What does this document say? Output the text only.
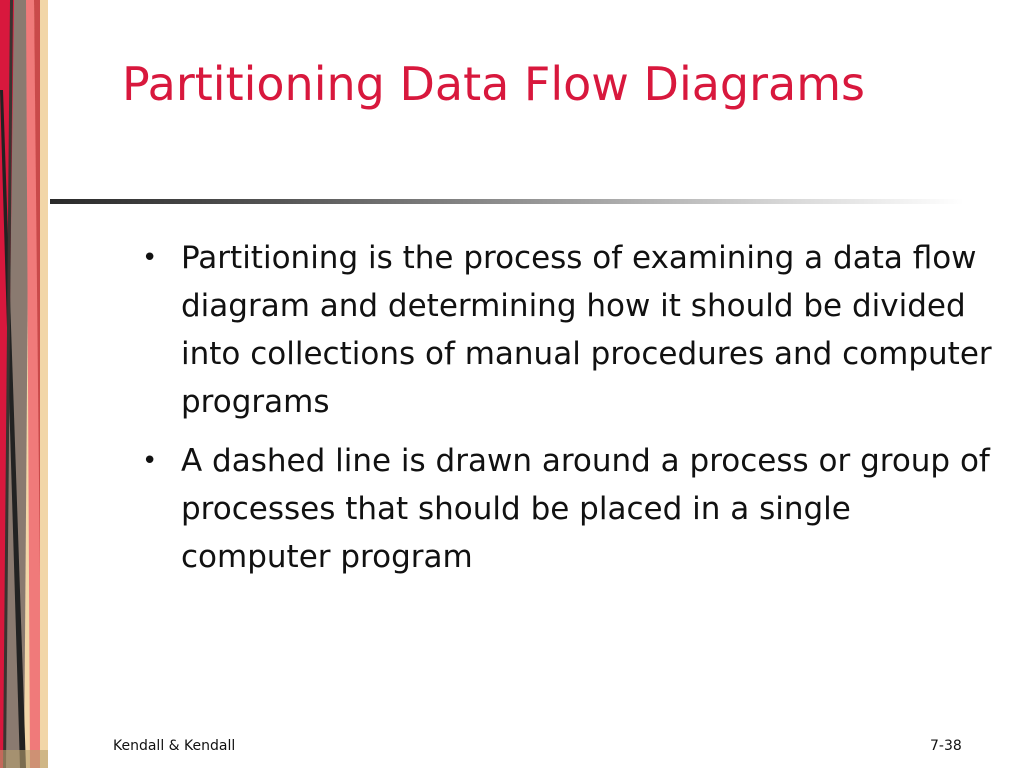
Partitioning Data Flow Diagrams
• Partitioning is the process of examining a data flow diagram and determining how it should be divided into collections of manual procedures and computer programs
• A dashed line is drawn around a process or group of processes that should be placed in a single computer program
Kendall & Kendall	7-38
